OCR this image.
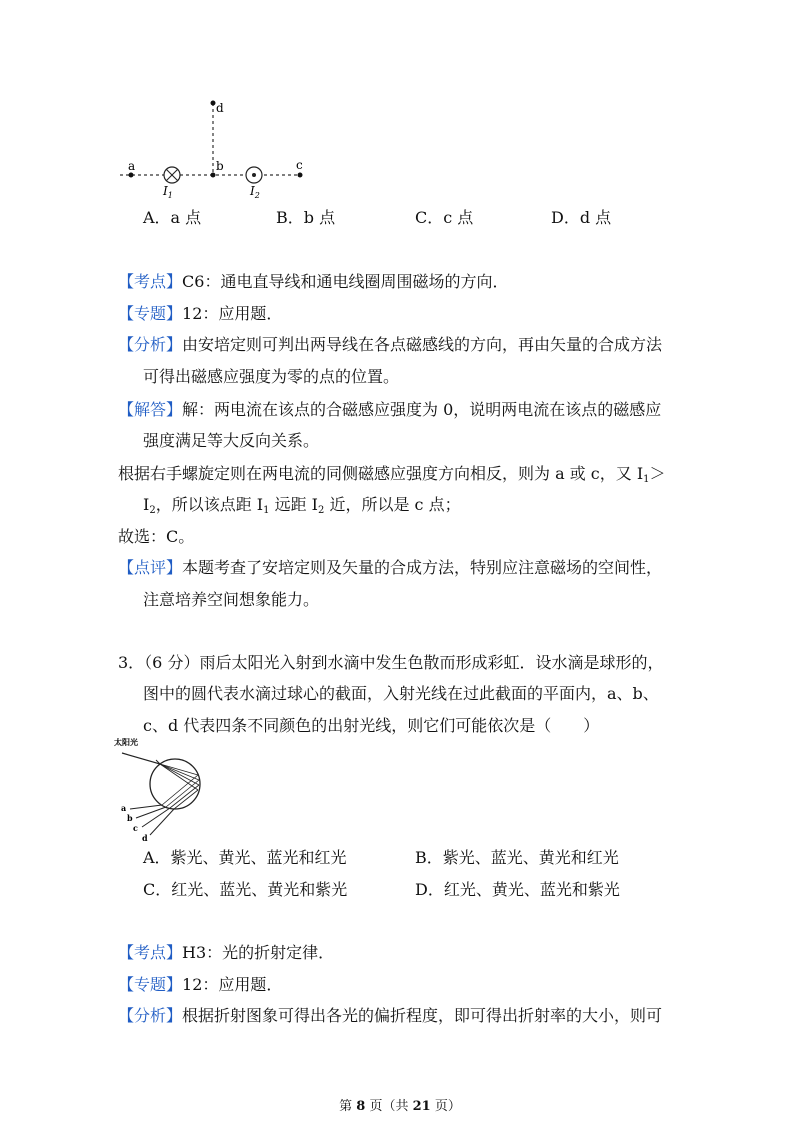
a	b	c
d
$I_1$	$I_2$
A．a 点	B．b 点	C．c 点	D．d 点
【考点】C6：通电直导线和通电线圈周围磁场的方向．
【专题】12：应用题．
【分析】由安培定则可判出两导线在各点磁感线的方向，再由矢量的合成方法
可得出磁感应强度为零的点的位置。
【解答】解：两电流在该点的合磁感应强度为 0，说明两电流在该点的磁感应
强度满足等大反向关系。
根据右手螺旋定则在两电流的同侧磁感应强度方向相反，则为 a 或 c，又 $I_1>$
$I_2$，所以该点距 $I_1$ 远距 $I_2$ 近，所以是 c 点；
故选：C。
【点评】本题考查了安培定则及矢量的合成方法，特别应注意磁场的空间性，
注意培养空间想象能力。
3．（6 分）雨后太阳光入射到水滴中发生色散而形成彩虹．设水滴是球形的，
图中的圆代表水滴过球心的截面，入射光线在过此截面的平面内，a、b、
c、d 代表四条不同颜色的出射光线，则它们可能依次是（　　）
太阳光
a
b
c
d
A．紫光、黄光、蓝光和红光	B．紫光、蓝光、黄光和红光
C．红光、蓝光、黄光和紫光	D．红光、黄光、蓝光和紫光
【考点】H3：光的折射定律．
【专题】12：应用题．
【分析】根据折射图象可得出各光的偏折程度，即可得出折射率的大小，则可
第 8 页（共 21 页）
